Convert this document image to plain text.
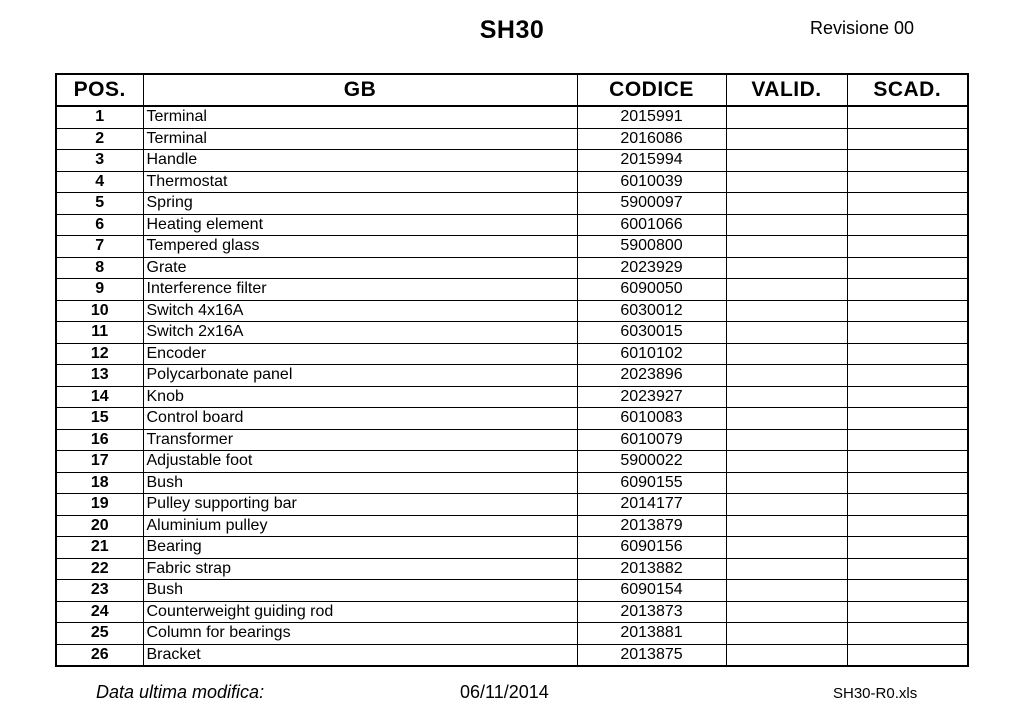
SH30	Revisione 00
POS.	GB	CODICE	VALID.	SCAD.
1	Terminal	2015991		
2	Terminal	2016086		
3	Handle	2015994		
4	Thermostat	6010039		
5	Spring	5900097		
6	Heating element	6001066		
7	Tempered glass	5900800		
8	Grate	2023929		
9	Interference filter	6090050		
10	Switch 4x16A	6030012		
11	Switch 2x16A	6030015		
12	Encoder	6010102		
13	Polycarbonate panel	2023896		
14	Knob	2023927		
15	Control board	6010083		
16	Transformer	6010079		
17	Adjustable foot	5900022		
18	Bush	6090155		
19	Pulley supporting bar	2014177		
20	Aluminium pulley	2013879		
21	Bearing	6090156		
22	Fabric strap	2013882		
23	Bush	6090154		
24	Counterweight guiding rod	2013873		
25	Column for bearings	2013881		
26	Bracket	2013875		
Data ultima modifica:	06/11/2014	SH30-R0.xls
